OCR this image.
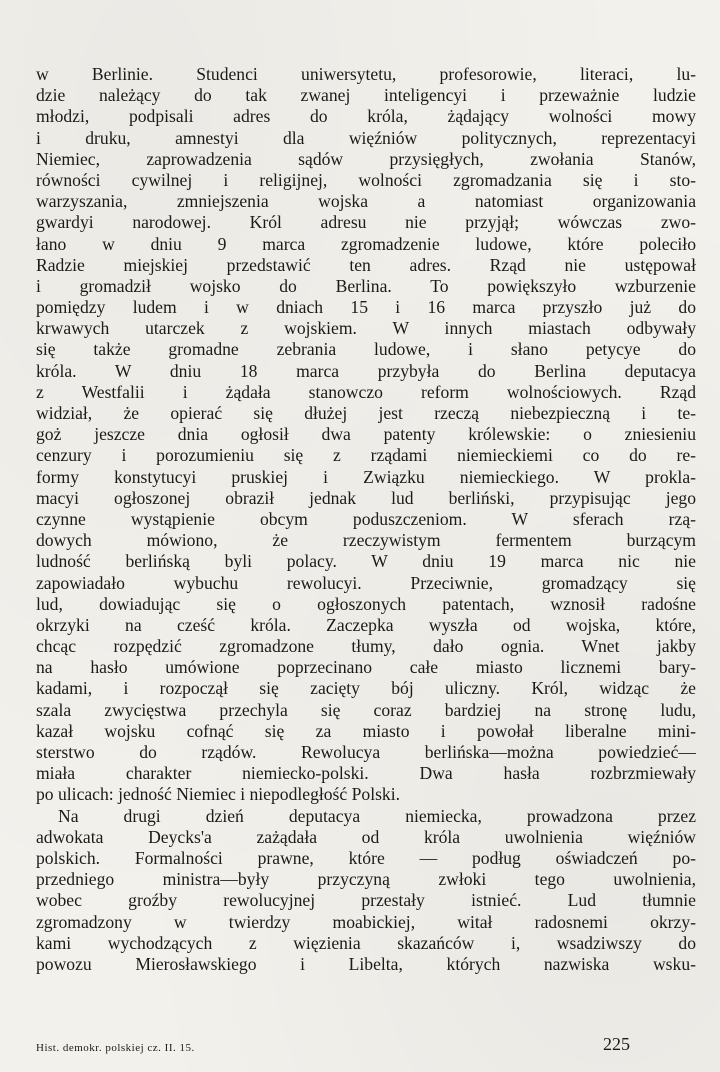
w Berlinie. Studenci uniwersytetu, profesorowie, literaci, lu-
dzie należący do tak zwanej inteligencyi i przeważnie ludzie
młodzi, podpisali adres do króla, żądający wolności mowy
i druku, amnestyi dla więźniów politycznych, reprezentacyi
Niemiec, zaprowadzenia sądów przysięgłych, zwołania Stanów,
równości cywilnej i religijnej, wolności zgromadzania się i sto-
warzyszania, zmniejszenia wojska a natomiast organizowania
gwardyi narodowej. Król adresu nie przyjął; wówczas zwo-
łano w dniu 9 marca zgromadzenie ludowe, które poleciło
Radzie miejskiej przedstawić ten adres. Rząd nie ustępował
i gromadził wojsko do Berlina. To powiększyło wzburzenie
pomiędzy ludem i w dniach 15 i 16 marca przyszło już do
krwawych utarczek z wojskiem. W innych miastach odbywały
się także gromadne zebrania ludowe, i słano petycye do
króla. W dniu 18 marca przybyła do Berlina deputacya
z Westfalii i żądała stanowczo reform wolnościowych. Rząd
widział, że opierać się dłużej jest rzeczą niebezpieczną i te-
goż jeszcze dnia ogłosił dwa patenty królewskie: o zniesieniu
cenzury i porozumieniu się z rządami niemieckiemi co do re-
formy konstytucyi pruskiej i Związku niemieckiego. W prokla-
macyi ogłoszonej obraził jednak lud berliński, przypisując jego
czynne wystąpienie obcym poduszczeniom. W sferach rzą-
dowych mówiono, że rzeczywistym fermentem burzącym
ludność berlińską byli polacy. W dniu 19 marca nic nie
zapowiadało wybuchu rewolucyi. Przeciwnie, gromadzący się
lud, dowiadując się o ogłoszonych patentach, wznosił radośne
okrzyki na cześć króla. Zaczepka wyszła od wojska, które,
chcąc rozpędzić zgromadzone tłumy, dało ognia. Wnet jakby
na hasło umówione poprzecinano całe miasto licznemi bary-
kadami, i rozpoczął się zacięty bój uliczny. Król, widząc że
szala zwycięstwa przechyla się coraz bardziej na stronę ludu,
kazał wojsku cofnąć się za miasto i powołał liberalne mini-
sterstwo do rządów. Rewolucya berlińska—można powiedzieć—
miała charakter niemiecko-polski. Dwa hasła rozbrzmiewały
po ulicach: jedność Niemiec i niepodległość Polski.
Na drugi dzień deputacya niemiecka, prowadzona przez
adwokata Deycks'a zażądała od króla uwolnienia więźniów
polskich. Formalności prawne, które — podług oświadczeń po-
przedniego ministra—były przyczyną zwłoki tego uwolnienia,
wobec groźby rewolucyjnej przestały istnieć. Lud tłumnie
zgromadzony w twierdzy moabickiej, witał radosnemi okrzy-
kami wychodzących z więzienia skazańców i, wsadziwszy do
powozu Mierosławskiego i Libelta, których nazwiska wsku-
Hist. demokr. polskiej cz. II. 15.	225
